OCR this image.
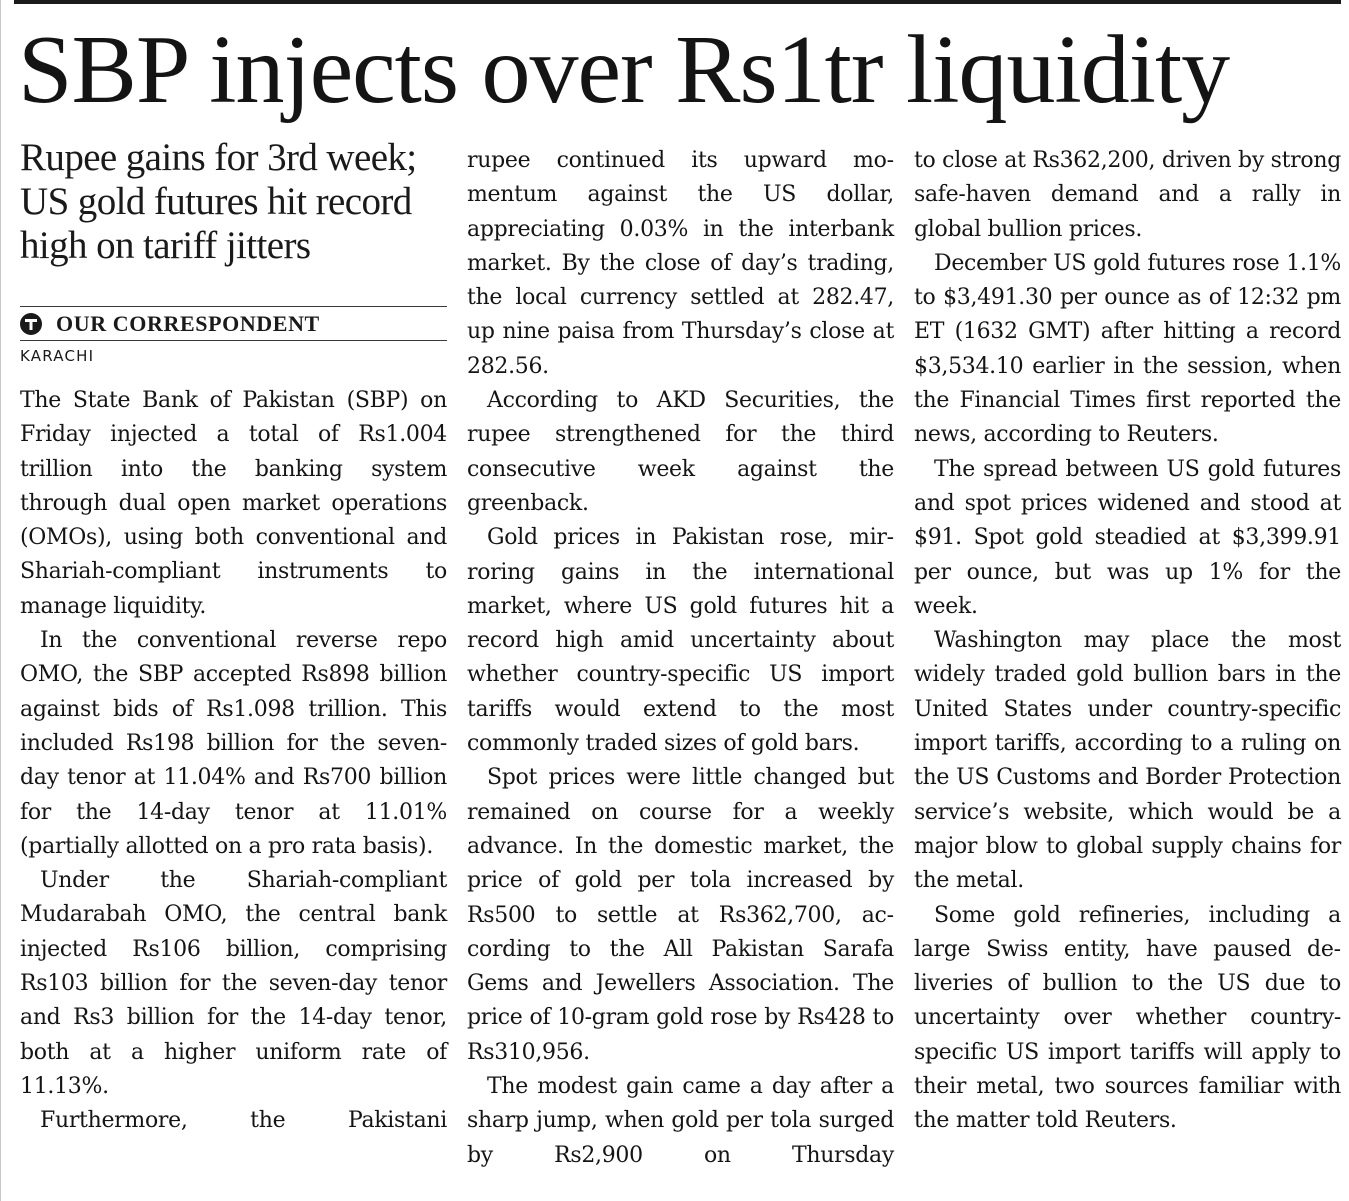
SBP injects over Rs1tr liquidity
Rupee gains for 3rd week; US gold futures hit record high on tariff jitters
OUR CORRESPONDENT
KARACHI

The State Bank of Pakistan (SBP) on Friday injected a total of Rs1.004 trillion into the banking system through dual open market operations (OMOs), using both conventional and Shariah-compliant instruments to manage liquidity.

In the conventional reverse repo OMO, the SBP accepted Rs898 billion against bids of Rs1.098 trillion. This included Rs198 billion for the seven-day tenor at 11.04% and Rs700 billion for the 14-day tenor at 11.01% (partially allotted on a pro rata basis).

Under the Shariah-compliant Mudarabah OMO, the central bank injected Rs106 billion, comprising Rs103 billion for the seven-day tenor and Rs3 billion for the 14-day tenor, both at a higher uniform rate of 11.13%.

Furthermore, the Pakistani

rupee continued its upward momentum against the US dollar, appreciating 0.03% in the interbank market. By the close of day’s trading, the local currency settled at 282.47, up nine paisa from Thursday’s close at 282.56.

According to AKD Securities, the rupee strengthened for the third consecutive week against the greenback.

Gold prices in Pakistan rose, mirroring gains in the international market, where US gold futures hit a record high amid uncertainty about whether country-specific US import tariffs would extend to the most commonly traded sizes of gold bars.

Spot prices were little changed but remained on course for a weekly advance. In the domestic market, the price of gold per tola increased by Rs500 to settle at Rs362,700, according to the All Pakistan Sarafa Gems and Jewellers Association. The price of 10-gram gold rose by Rs428 to Rs310,956.

The modest gain came a day after a sharp jump, when gold per tola surged by Rs2,900 on Thursday

to close at Rs362,200, driven by strong safe-haven demand and a rally in global bullion prices.

December US gold futures rose 1.1% to $3,491.30 per ounce as of 12:32 pm ET (1632 GMT) after hitting a record $3,534.10 earlier in the session, when the Financial Times first reported the news, according to Reuters.

The spread between US gold futures and spot prices widened and stood at $91. Spot gold steadied at $3,399.91 per ounce, but was up 1% for the week.

Washington may place the most widely traded gold bullion bars in the United States under country-specific import tariffs, according to a ruling on the US Customs and Border Protection service’s website, which would be a major blow to global supply chains for the metal.

Some gold refineries, including a large Swiss entity, have paused deliveries of bullion to the US due to uncertainty over whether country-specific US import tariffs will apply to their metal, two sources familiar with the matter told Reuters.
